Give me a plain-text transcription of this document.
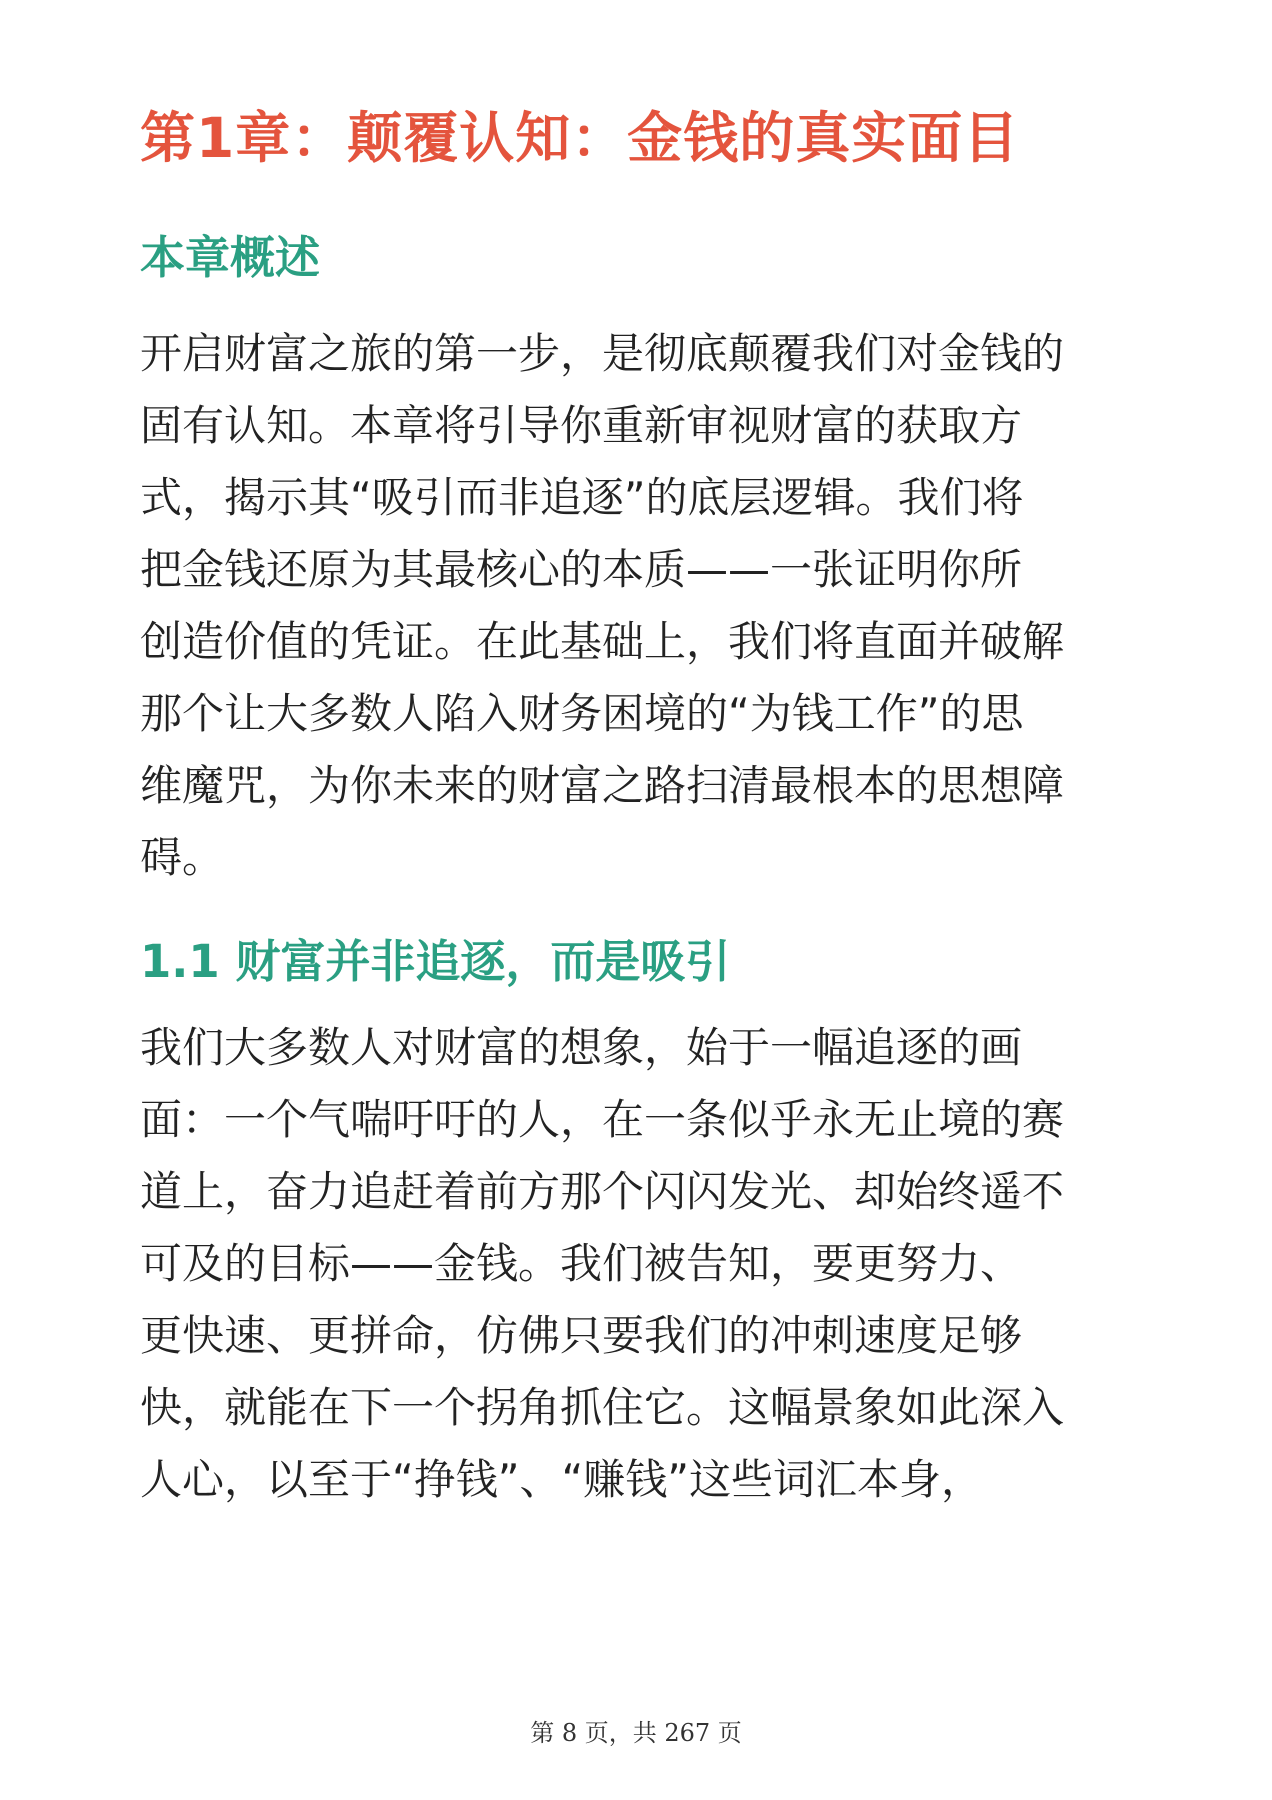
第1章：颠覆认知：金钱的真实面目
本章概述

开启财富之旅的第一步，是彻底颠覆我们对金钱的
固有认知。本章将引导你重新审视财富的获取方
式，揭示其“吸引而非追逐”的底层逻辑。我们将
把金钱还原为其最核心的本质——一张证明你所
创造价值的凭证。在此基础上，我们将直面并破解
那个让大多数人陷入财务困境的“为钱工作”的思
维魔咒，为你未来的财富之路扫清最根本的思想障
碍。

1.1 财富并非追逐，而是吸引

我们大多数人对财富的想象，始于一幅追逐的画
面：一个气喘吁吁的人，在一条似乎永无止境的赛
道上，奋力追赶着前方那个闪闪发光、却始终遥不
可及的目标——金钱。我们被告知，要更努力、
更快速、更拼命，仿佛只要我们的冲刺速度足够
快，就能在下一个拐角抓住它。这幅景象如此深入
人心，以至于“挣钱”、“赚钱”这些词汇本身，

第 8 页，共 267 页
